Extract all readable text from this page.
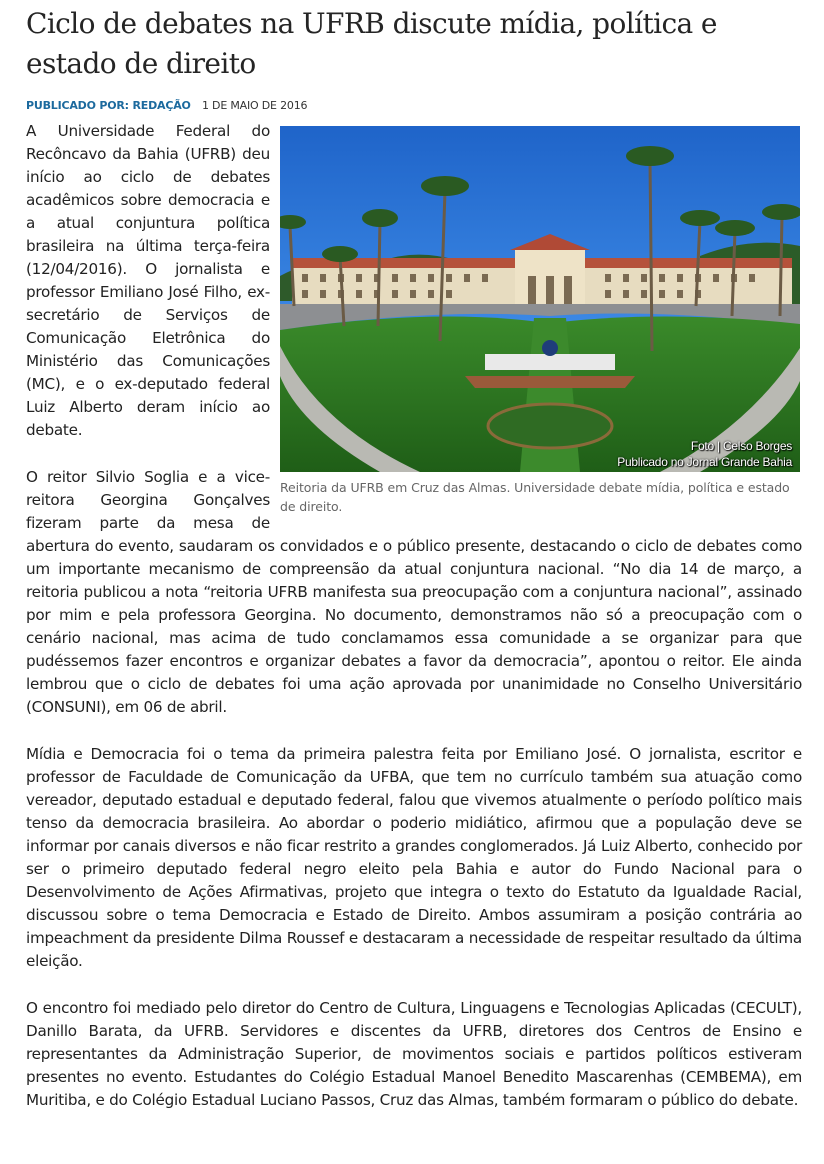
Ciclo de debates na UFRB discute mídia, política e estado de direito
PUBLICADO POR: REDAÇÃO 1 DE MAIO DE 2016
Foto | Celso Borges
Publicado no Jornal Grande Bahia
Reitoria da UFRB em Cruz das Almas. Universidade debate mídia, política e estado de direito.

A Universidade Federal do Recôncavo da Bahia (UFRB) deu início ao ciclo de debates acadêmicos sobre democracia e a atual conjuntura política brasileira na última terça-feira (12/04/2016). O jornalista e professor Emiliano José Filho, ex-secretário de Serviços de Comunicação Eletrônica do Ministério das Comunicações (MC), e o ex-deputado federal Luiz Alberto deram início ao debate.

O reitor Silvio Soglia e a vice-reitora Georgina Gonçalves fizeram parte da mesa de abertura do evento, saudaram os convidados e o público presente, destacando o ciclo de debates como um importante mecanismo de compreensão da atual conjuntura nacional. “No dia 14 de março, a reitoria publicou a nota “reitoria UFRB manifesta sua preocupação com a conjuntura nacional”, assinado por mim e pela professora Georgina. No documento, demonstramos não só a preocupação com o cenário nacional, mas acima de tudo conclamamos essa comunidade a se organizar para que pudéssemos fazer encontros e organizar debates a favor da democracia”, apontou o reitor. Ele ainda lembrou que o ciclo de debates foi uma ação aprovada por unanimidade no Conselho Universitário (CONSUNI), em 06 de abril.

Mídia e Democracia foi o tema da primeira palestra feita por Emiliano José. O jornalista, escritor e professor de Faculdade de Comunicação da UFBA, que tem no currículo também sua atuação como vereador, deputado estadual e deputado federal, falou que vivemos atualmente o período político mais tenso da democracia brasileira. Ao abordar o poderio midiático, afirmou que a população deve se informar por canais diversos e não ficar restrito a grandes conglomerados. Já Luiz Alberto, conhecido por ser o primeiro deputado federal negro eleito pela Bahia e autor do Fundo Nacional para o Desenvolvimento de Ações Afirmativas, projeto que integra o texto do Estatuto da Igualdade Racial, discussou sobre o tema Democracia e Estado de Direito. Ambos assumiram a posição contrária ao impeachment da presidente Dilma Roussef e destacaram a necessidade de respeitar resultado da última eleição.

O encontro foi mediado pelo diretor do Centro de Cultura, Linguagens e Tecnologias Aplicadas (CECULT), Danillo Barata, da UFRB. Servidores e discentes da UFRB, diretores dos Centros de Ensino e representantes da Administração Superior, de movimentos sociais e partidos políticos estiveram presentes no evento. Estudantes do Colégio Estadual Manoel Benedito Mascarenhas (CEMBEMA), em Muritiba, e do Colégio Estadual Luciano Passos, Cruz das Almas, também formaram o público do debate.
